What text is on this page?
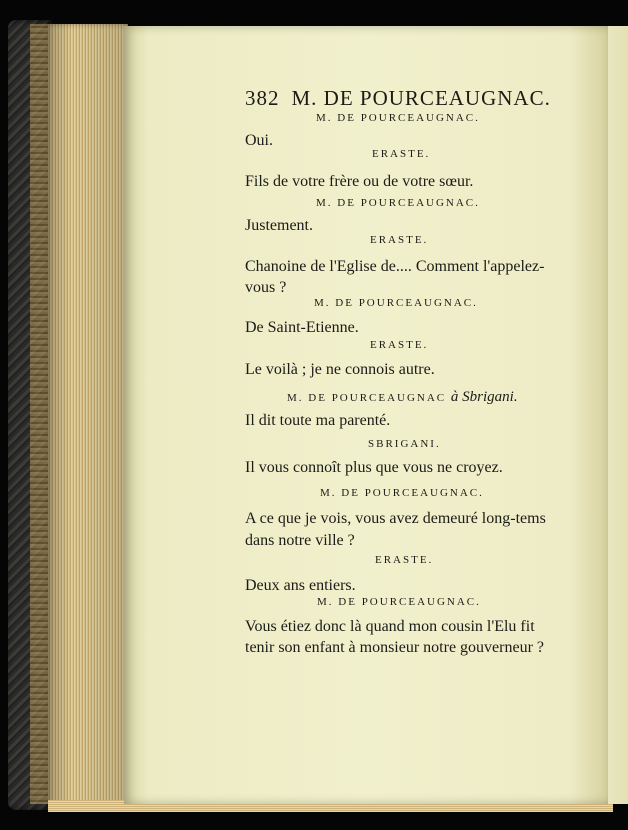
382 M. DE POURCEAUGNAC.
M. DE POURCEAUGNAC.
Oui.
ERASTE.
Fils de votre frère ou de votre sœur.
M. DE POURCEAUGNAC.
Justement.
ERASTE.
Chanoine de l'Eglise de.... Comment l'appelez-
vous ?
M. DE POURCEAUGNAC.
De Saint-Etienne.
ERASTE.
Le voilà ; je ne connois autre.
M. DE POURCEAUGNAC à Sbrigani.
Il dit toute ma parenté.
SBRIGANI.
Il vous connoît plus que vous ne croyez.
M. DE POURCEAUGNAC.
A ce que je vois, vous avez demeuré long-tems
dans notre ville ?
ERASTE.
Deux ans entiers.
M. DE POURCEAUGNAC.
Vous étiez donc là quand mon cousin l'Elu fit
tenir son enfant à monsieur notre gouverneur ?
